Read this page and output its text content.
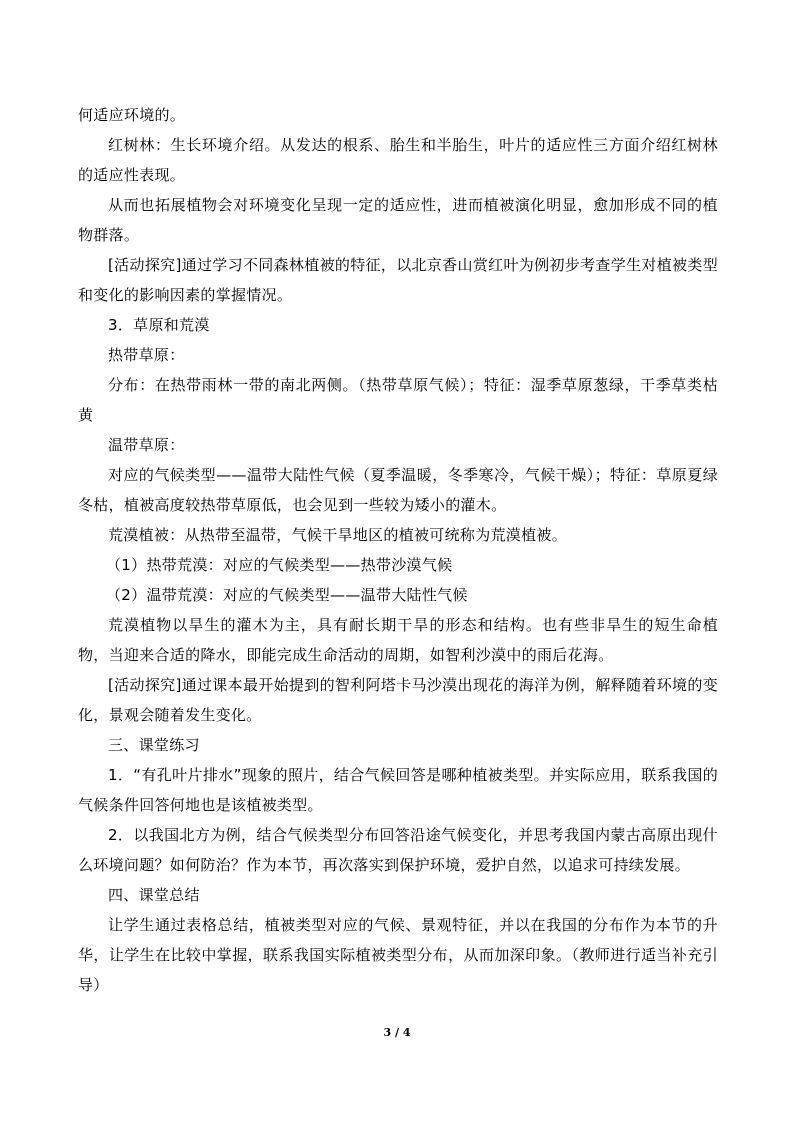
何适应环境的。

红树林：生长环境介绍。从发达的根系、胎生和半胎生，叶片的适应性三方面介绍红树林的适应性表现。

从而也拓展植物会对环境变化呈现一定的适应性，进而植被演化明显，愈加形成不同的植物群落。

[活动探究]通过学习不同森林植被的特征，以北京香山赏红叶为例初步考查学生对植被类型和变化的影响因素的掌握情况。

3．草原和荒漠

热带草原：

分布：在热带雨林一带的南北两侧。（热带草原气候）；特征：湿季草原葱绿，干季草类枯黄

温带草原：

对应的气候类型——温带大陆性气候（夏季温暖，冬季寒冷，气候干燥）；特征：草原夏绿冬枯，植被高度较热带草原低，也会见到一些较为矮小的灌木。

荒漠植被：从热带至温带，气候干旱地区的植被可统称为荒漠植被。

（1）热带荒漠：对应的气候类型——热带沙漠气候

（2）温带荒漠：对应的气候类型——温带大陆性气候

荒漠植物以旱生的灌木为主，具有耐长期干旱的形态和结构。也有些非旱生的短生命植物，当迎来合适的降水，即能完成生命活动的周期，如智利沙漠中的雨后花海。

[活动探究]通过课本最开始提到的智利阿塔卡马沙漠出现花的海洋为例，解释随着环境的变化，景观会随着发生变化。

三、课堂练习

1．“有孔叶片排水”现象的照片，结合气候回答是哪种植被类型。并实际应用，联系我国的气候条件回答何地也是该植被类型。

2．以我国北方为例，结合气候类型分布回答沿途气候变化，并思考我国内蒙古高原出现什么环境问题？如何防治？作为本节，再次落实到保护环境，爱护自然，以追求可持续发展。

四、课堂总结

让学生通过表格总结，植被类型对应的气候、景观特征，并以在我国的分布作为本节的升华，让学生在比较中掌握，联系我国实际植被类型分布，从而加深印象。（教师进行适当补充引导）

3 / 4
